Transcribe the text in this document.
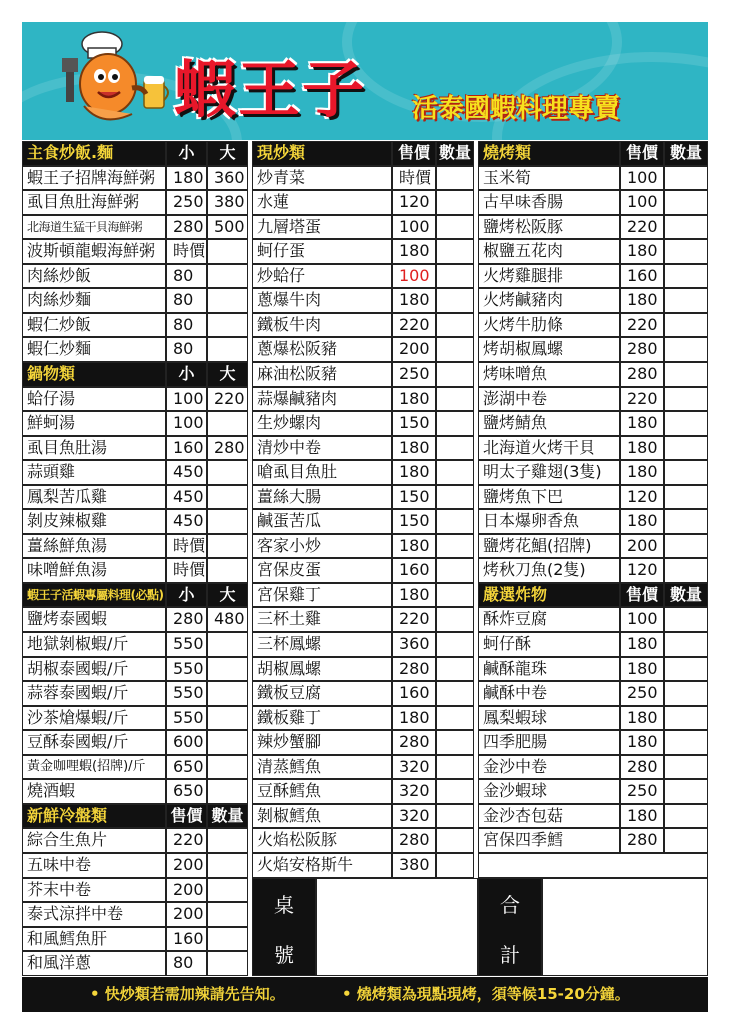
蝦王子 活泰國蝦料理專賣
主食炒飯.麵	小	大
蝦王子招牌海鮮粥	180 360
虱目魚肚海鮮粥	250 380
北海道生猛干貝海鮮粥	280 500
波斯頓龍蝦海鮮粥	時價
肉絲炒飯	80
肉絲炒麵	80
蝦仁炒飯	80
蝦仁炒麵	80
鍋物類	小	大
蛤仔湯	100 220
鮮蚵湯	100
虱目魚肚湯	160 280
蒜頭雞	450
鳳梨苦瓜雞	450
剝皮辣椒雞	450
薑絲鮮魚湯	時價
味噌鮮魚湯	時價
蝦王子活蝦專屬料理(必點) 小	大
鹽烤泰國蝦	280 480
地獄剝椒蝦/斤	550
胡椒泰國蝦/斤	550
蒜蓉泰國蝦/斤	550
沙茶熗爆蝦/斤	550
豆酥泰國蝦/斤	600
黃金咖哩蝦(招牌)/斤	650
燒酒蝦	650
新鮮冷盤類	售價 數量
綜合生魚片	220
五味中卷	200
芥末中卷	200
泰式涼拌中卷	200
和風鱈魚肝	160
和風洋蔥	80
現炒類	售價 數量
炒青菜	時價
水蓮	120
九層塔蛋	100
蚵仔蛋	180
炒蛤仔	100
蔥爆牛肉	180
鐵板牛肉	220
蔥爆松阪豬	200
麻油松阪豬	250
蒜爆鹹豬肉	180
生炒螺肉	150
清炒中卷	180
嗆虱目魚肚	180
薑絲大腸	150
鹹蛋苦瓜	150
客家小炒	180
宮保皮蛋	160
宮保雞丁	180
三杯土雞	220
三杯鳳螺	360
胡椒鳳螺	280
鐵板豆腐	160
鐵板雞丁	180
辣炒蟹腳	280
清蒸鱈魚	320
豆酥鱈魚	320
剝椒鱈魚	320
火焰松阪豚	280
火焰安格斯牛	380
燒烤類	售價 數量
玉米筍	100
古早味香腸	100
鹽烤松阪豚	220
椒鹽五花肉	180
火烤雞腿排	160
火烤鹹豬肉	180
火烤牛肋條	220
烤胡椒鳳螺	280
烤味噌魚	280
澎湖中卷	220
鹽烤鯖魚	180
北海道火烤干貝	180
明太子雞翅(3隻)	180
鹽烤魚下巴	120
日本爆卵香魚	180
鹽烤花鯧(招牌)	200
烤秋刀魚(2隻)	120
嚴選炸物	售價 數量
酥炸豆腐	100
蚵仔酥	180
鹹酥龍珠	180
鹹酥中卷	250
鳳梨蝦球	180
四季肥腸	180
金沙中卷	280
金沙蝦球	250
金沙杏包菇	180
宮保四季鱈	280
桌
號
合
計
• 快炒類若需加辣請先告知。	• 燒烤類為現點現烤，須等候15-20分鐘。
